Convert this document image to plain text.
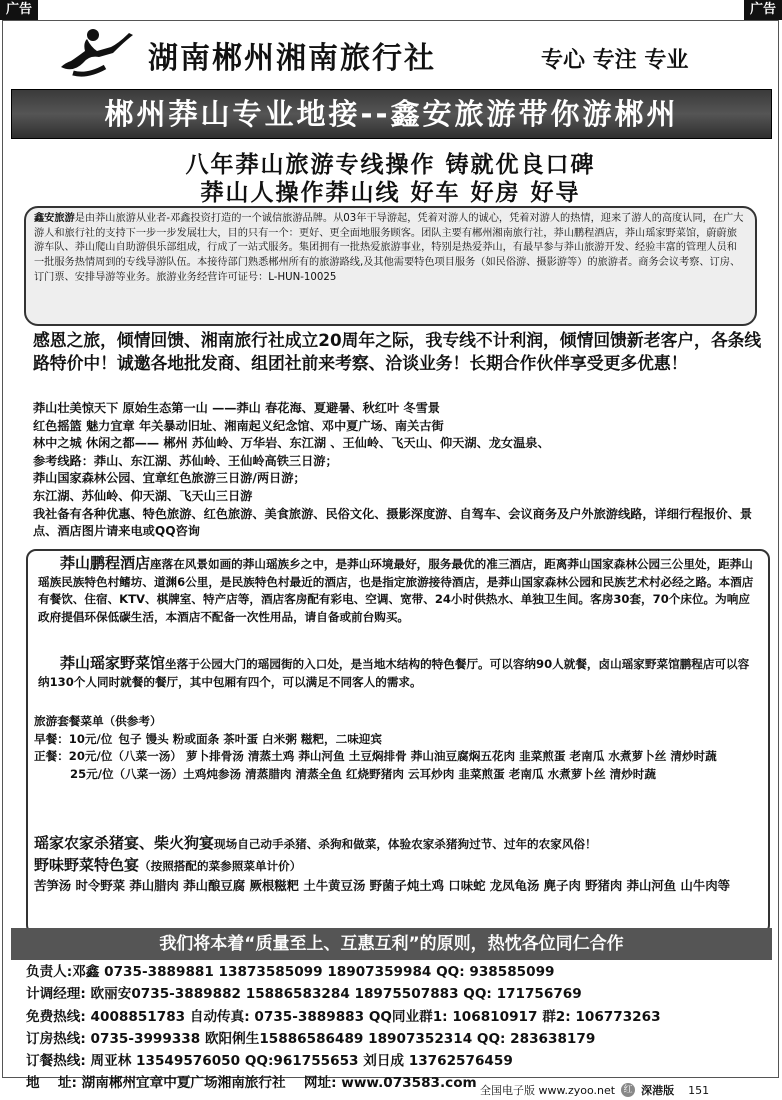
广告	广告
湖南郴州湘南旅行社	专心 专注 专业
郴州莽山专业地接--鑫安旅游带你游郴州
八年莽山旅游专线操作 铸就优良口碑
莽山人操作莽山线 好车 好房 好导
鑫安旅游是由莽山旅游从业者-邓鑫投资打造的一个诚信旅游品牌。从03年干导游起，凭着对游人的诚心，凭着对游人的热情，迎来了游人的高度认同，在广大游人和旅行社的支持下一步一步发展壮大，目的只有一个：更好、更全面地服务顾客。团队主要有郴州湘南旅行社，莽山鹏程酒店，莽山瑶家野菜馆，蔚蔚旅游车队、莽山爬山自助游俱乐部组成，行成了一站式服务。集团拥有一批热爱旅游事业，特别是热爱莽山，有最早参与莽山旅游开发、经验丰富的管理人员和一批服务热情周到的专线导游队伍。本接待部门熟悉郴州所有的旅游路线,及其他需要特色项目服务（如民俗游、摄影游等）的旅游者。商务会议考察、订房、订门票、安排导游等业务。旅游业务经营许可证号：L-HUN-10025
感恩之旅，倾情回馈、湘南旅行社成立20周年之际，我专线不计利润，倾情回馈新老客户，各条线路特价中！诚邀各地批发商、组团社前来考察、洽谈业务！长期合作伙伴享受更多优惠！
莽山壮美惊天下 原始生态第一山 ——莽山 春花海、夏避暑、秋红叶 冬雪景
红色摇篮 魅力宜章 年关暴动旧址、湘南起义纪念馆、邓中夏广场、南关古街
林中之城 休闲之都—— 郴州 苏仙岭、万华岩、东江湖 、王仙岭、飞天山、仰天湖、龙女温泉、
参考线路：莽山、东江湖、苏仙岭、王仙岭高铁三日游；
莽山国家森林公园、宜章红色旅游三日游/两日游；
东江湖、苏仙岭、仰天湖、飞天山三日游
我社备有各种优惠、特色旅游、红色旅游、美食旅游、民俗文化、摄影深度游、自驾车、会议商务及户外旅游线路，详细行程报价、景点、酒店图片请来电或QQ咨询
莽山鹏程酒店座落在风景如画的莽山瑶族乡之中，是莽山环境最好，服务最优的准三酒店，距离莽山国家森林公园三公里处，距莽山瑶族民族特色村鳍坊、道渊6公里，是民族特色村最近的酒店，也是指定旅游接待酒店，是莽山国家森林公园和民族艺术村必经之路。本酒店有餐饮、住宿、KTV、棋牌室、特产店等，酒店客房配有彩电、空调、宽带、24小时供热水、单独卫生间。客房30套，70个床位。为响应政府提倡环保低碳生活，本酒店不配备一次性用品，请自备或前台购买。
莽山瑶家野菜馆坐落于公园大门的瑶园街的入口处，是当地木结构的特色餐厅。可以容纳90人就餐，卤山瑶家野菜馆鹏程店可以容纳130个人同时就餐的餐厅，其中包厢有四个，可以满足不同客人的需求。
旅游套餐菜单（供参考）
早餐：10元/位 包子 馒头 粉或面条 茶叶蛋 白米粥 糍粑，二味迎宾
正餐：20元/位（八菜一汤） 萝卜排骨汤 清蒸土鸡 莽山河鱼 土豆焖排骨 莽山油豆腐焖五花肉 韭菜煎蛋 老南瓜 水煮萝卜丝 清炒时蔬
25元/位（八菜一汤） 土鸡炖参汤 清蒸腊肉 清蒸全鱼 红烧野猪肉 云耳炒肉 韭菜煎蛋 老南瓜 水煮萝卜丝 清炒时蔬
瑶家农家杀猪宴、柴火狗宴现场自己动手杀猪、杀狗和做菜，体验农家杀猪狗过节、过年的农家风俗！
野味野菜特色宴（按照搭配的菜参照菜单计价）
苦笋汤 时令野菜 莽山腊肉 莽山酿豆腐 厥根糍粑 土牛黄豆汤 野菌子炖土鸡 口味蛇 龙凤龟汤 麂子肉 野猪肉 莽山河鱼 山牛肉等
我们将本着“质量至上、互惠互利”的原则，热忱各位同仁合作
负责人:邓鑫 0735-3889881 13873585099 18907359984 QQ: 938585099
计调经理: 欧丽安0735-3889882 15886583284 18975507883 QQ: 171756769
免费热线: 4008851783 自动传真: 0735-3889883 QQ同业群1: 106810917 群2: 106773263
订房热线: 0735-3999338 欧阳俐生15886586489 18907352314 QQ: 283638179
订餐热线: 周亚林 13549576050 QQ:961755653 刘日成 13762576459
地　 址: 湖南郴州宜章中夏广场湘南旅行社　 网址: www.073583.com 全国电子版 www.zyoo.net 红 深港版 151
